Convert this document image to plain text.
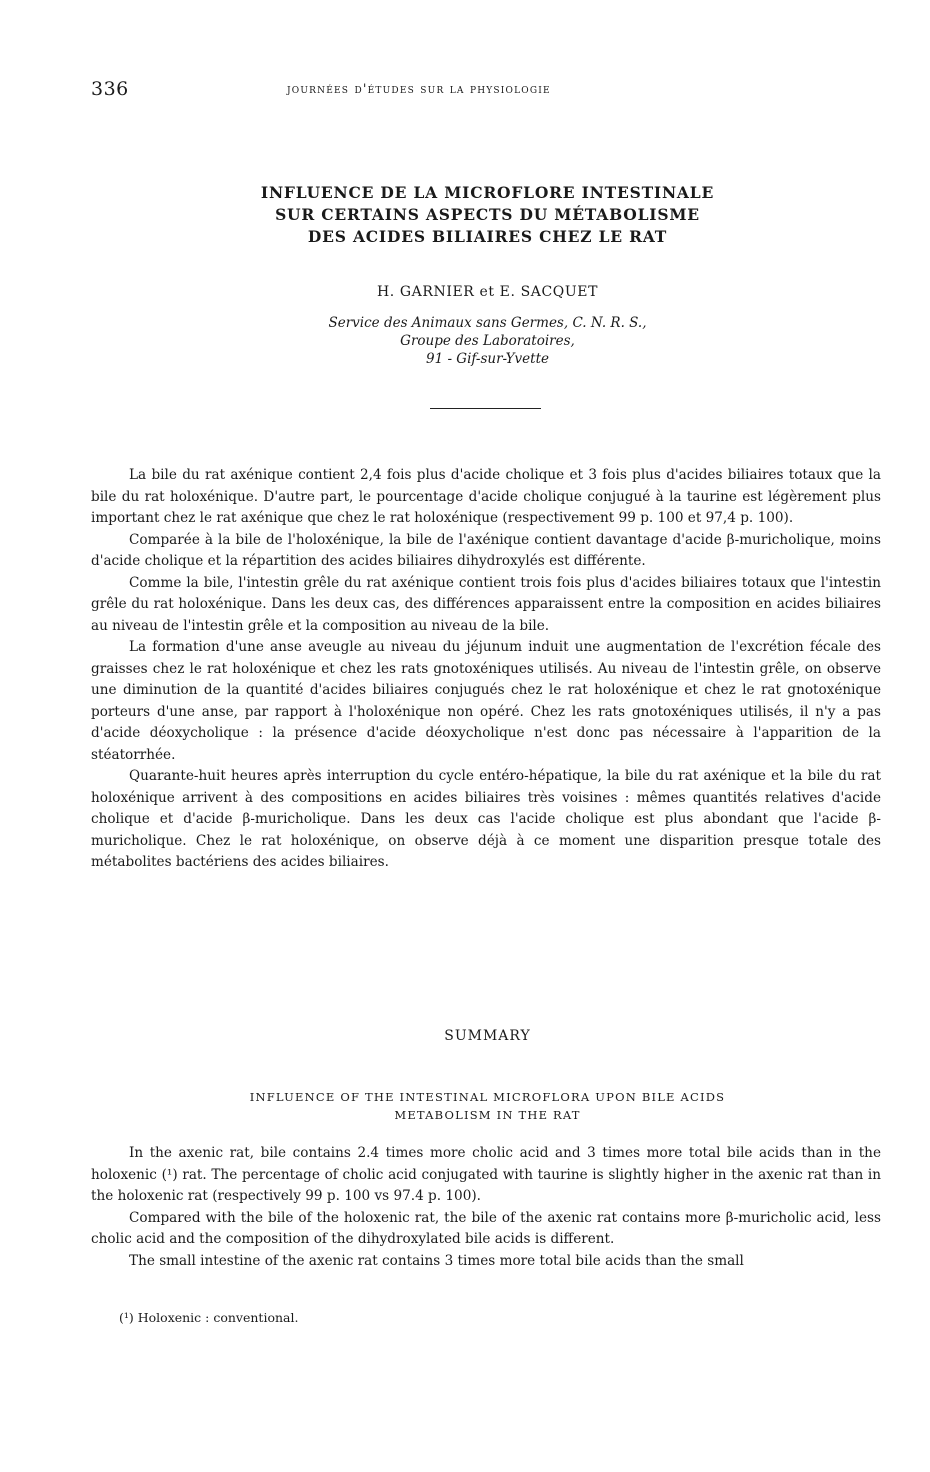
336	journées d'études sur la physiologie
INFLUENCE DE LA MICROFLORE INTESTINALE
SUR CERTAINS ASPECTS DU MÉTABOLISME
DES ACIDES BILIAIRES CHEZ LE RAT
H. GARNIER et E. SACQUET
Service des Animaux sans Germes, C. N. R. S.,
Groupe des Laboratoires,
91 - Gif-sur-Yvette

La bile du rat axénique contient 2,4 fois plus d'acide cholique et 3 fois plus d'acides biliaires totaux que la bile du rat holoxénique. D'autre part, le pourcentage d'acide cholique conjugué à la taurine est légèrement plus important chez le rat axénique que chez le rat holoxénique (respectivement 99 p. 100 et 97,4 p. 100).

Comparée à la bile de l'holoxénique, la bile de l'axénique contient davantage d'acide β-muricholique, moins d'acide cholique et la répartition des acides biliaires dihydroxylés est différente.

Comme la bile, l'intestin grêle du rat axénique contient trois fois plus d'acides biliaires totaux que l'intestin grêle du rat holoxénique. Dans les deux cas, des différences apparaissent entre la composition en acides biliaires au niveau de l'intestin grêle et la composition au niveau de la bile.

La formation d'une anse aveugle au niveau du jéjunum induit une augmentation de l'excrétion fécale des graisses chez le rat holoxénique et chez les rats gnotoxéniques utilisés. Au niveau de l'intestin grêle, on observe une diminution de la quantité d'acides biliaires conjugués chez le rat holoxénique et chez le rat gnotoxénique porteurs d'une anse, par rapport à l'holoxénique non opéré. Chez les rats gnotoxéniques utilisés, il n'y a pas d'acide déoxycholique : la présence d'acide déoxycholique n'est donc pas nécessaire à l'apparition de la stéatorrhée.

Quarante-huit heures après interruption du cycle entéro-hépatique, la bile du rat axénique et la bile du rat holoxénique arrivent à des compositions en acides biliaires très voisines : mêmes quantités relatives d'acide cholique et d'acide β-muricholique. Dans les deux cas l'acide cholique est plus abondant que l'acide β-muricholique. Chez le rat holoxénique, on observe déjà à ce moment une disparition presque totale des métabolites bactériens des acides biliaires.

SUMMARY
INFLUENCE OF THE INTESTINAL MICROFLORA UPON BILE ACIDS
METABOLISM IN THE RAT

In the axenic rat, bile contains 2.4 times more cholic acid and 3 times more total bile acids than in the holoxenic (¹) rat. The percentage of cholic acid conjugated with taurine is slightly higher in the axenic rat than in the holoxenic rat (respectively 99 p. 100 vs 97.4 p. 100).

Compared with the bile of the holoxenic rat, the bile of the axenic rat contains more β-muricholic acid, less cholic acid and the composition of the dihydroxylated bile acids is different.

The small intestine of the axenic rat contains 3 times more total bile acids than the small

(¹) Holoxenic : conventional.
